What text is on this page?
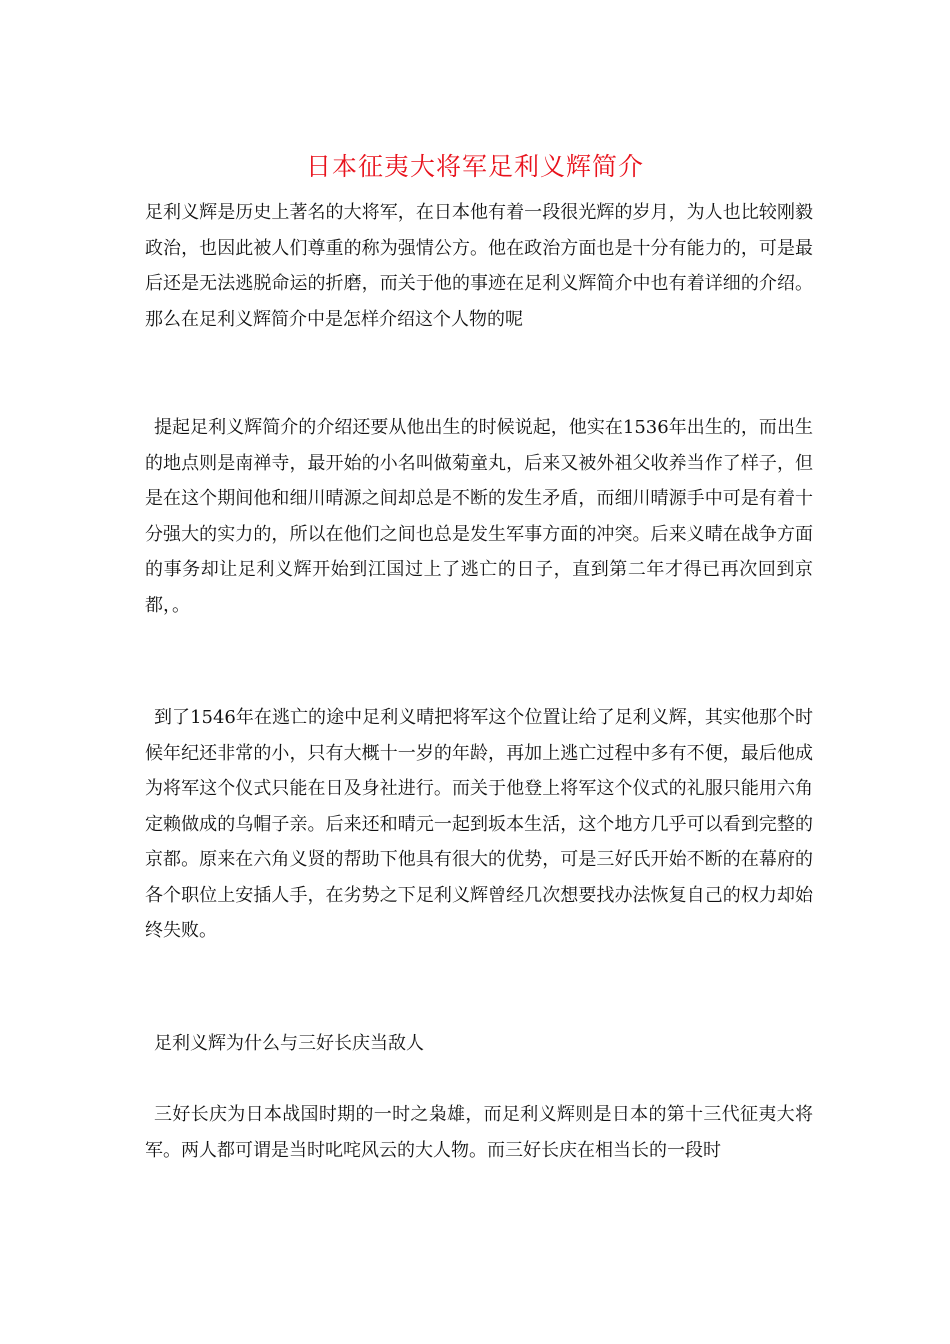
日本征夷大将军足利义辉简介

足利义辉是历史上著名的大将军，在日本他有着一段很光辉的岁月，为人也比较刚毅政治，也因此被人们尊重的称为强情公方。他在政治方面也是十分有能力的，可是最后还是无法逃脱命运的折磨，而关于他的事迹在足利义辉简介中也有着详细的介绍。那么在足利义辉简介中是怎样介绍这个人物的呢

提起足利义辉简介的介绍还要从他出生的时候说起，他实在1536年出生的，而出生的地点则是南禅寺，最开始的小名叫做菊童丸，后来又被外祖父收养当作了样子，但是在这个期间他和细川晴源之间却总是不断的发生矛盾，而细川晴源手中可是有着十分强大的实力的，所以在他们之间也总是发生军事方面的冲突。后来义晴在战争方面的事务却让足利义辉开始到江国过上了逃亡的日子，直到第二年才得已再次回到京都，。

到了1546年在逃亡的途中足利义晴把将军这个位置让给了足利义辉，其实他那个时候年纪还非常的小，只有大概十一岁的年龄，再加上逃亡过程中多有不便，最后他成为将军这个仪式只能在日及身社进行。而关于他登上将军这个仪式的礼服只能用六角定赖做成的乌帽子亲。后来还和晴元一起到坂本生活，这个地方几乎可以看到完整的京都。原来在六角义贤的帮助下他具有很大的优势，可是三好氏开始不断的在幕府的各个职位上安插人手，在劣势之下足利义辉曾经几次想要找办法恢复自己的权力却始终失败。

足利义辉为什么与三好长庆当敌人

三好长庆为日本战国时期的一时之枭雄，而足利义辉则是日本的第十三代征夷大将军。两人都可谓是当时叱咤风云的大人物。而三好长庆在相当长的一段时
